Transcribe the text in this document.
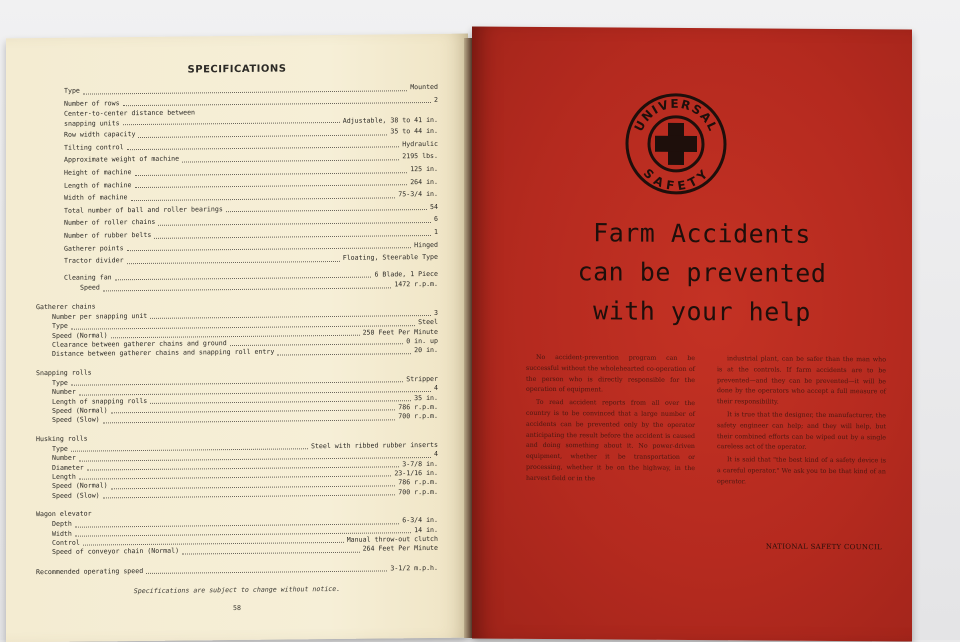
SPECIFICATIONS
Type	Mounted
Number of rows	2
Center-to-center distance between
snapping units	Adjustable, 38 to 41 in.
Row width capacity	35 to 44 in.
Tilting control	Hydraulic
Approximate weight of machine	2195 lbs.
Height of machine	125 in.
Length of machine	264 in.
Width of machine	75-3/4 in.
Total number of ball and roller bearings	54
Number of roller chains	6
Number of rubber belts	1
Gatherer points	Hinged
Tractor divider	Floating, Steerable Type
Cleaning fan	6 Blade, 1 Piece
Speed	1472 r.p.m.
Gatherer chains
Number per snapping unit	3
Type	Steel
Speed (Normal)	250 Feet Per Minute
Clearance between gatherer chains and ground	0 in. up
Distance between gatherer chains and snapping roll entry	20 in.
Snapping rolls
Type	Stripper
Number	4
Length of snapping rolls	35 in.
Speed (Normal)	786 r.p.m.
Speed (Slow)	700 r.p.m.
Husking rolls
Type	Steel with ribbed rubber inserts
Number	4
Diameter	3-7/8 in.
Length	23-1/16 in.
Speed (Normal)	786 r.p.m.
Speed (Slow)	700 r.p.m.
Wagon elevator
Depth	6-3/4 in.
Width	14 in.
Control	Manual throw-out clutch
Speed of conveyor chain (Normal)	264 Feet Per Minute
Recommended operating speed	3-1/2 m.p.h.
Specifications are subject to change without notice.
58
UNIVERSAL
SAFETY
Farm Accidents
can be prevented
with your help

No accident-prevention program can be successful without the wholehearted co-operation of the person who is directly responsible for the operation of equipment.

To read accident reports from all over the country is to be convinced that a large number of accidents can be prevented only by the operator anticipating the result before the accident is caused and doing something about it. No power-driven equipment, whether it be transportation or processing, whether it be on the highway, in the harvest field or in the

industrial plant, can be safer than the man who is at the controls. If farm accidents are to be prevented—and they can be prevented—it will be done by the operators who accept a full measure of their responsibility.

It is true that the designer, the manufacturer, the safety engineer can help; and they will help, but their combined efforts can be wiped out by a single careless act of the operator.

It is said that "the best kind of a safety device is a careful operator." We ask you to be that kind of an operator.

NATIONAL SAFETY COUNCIL
